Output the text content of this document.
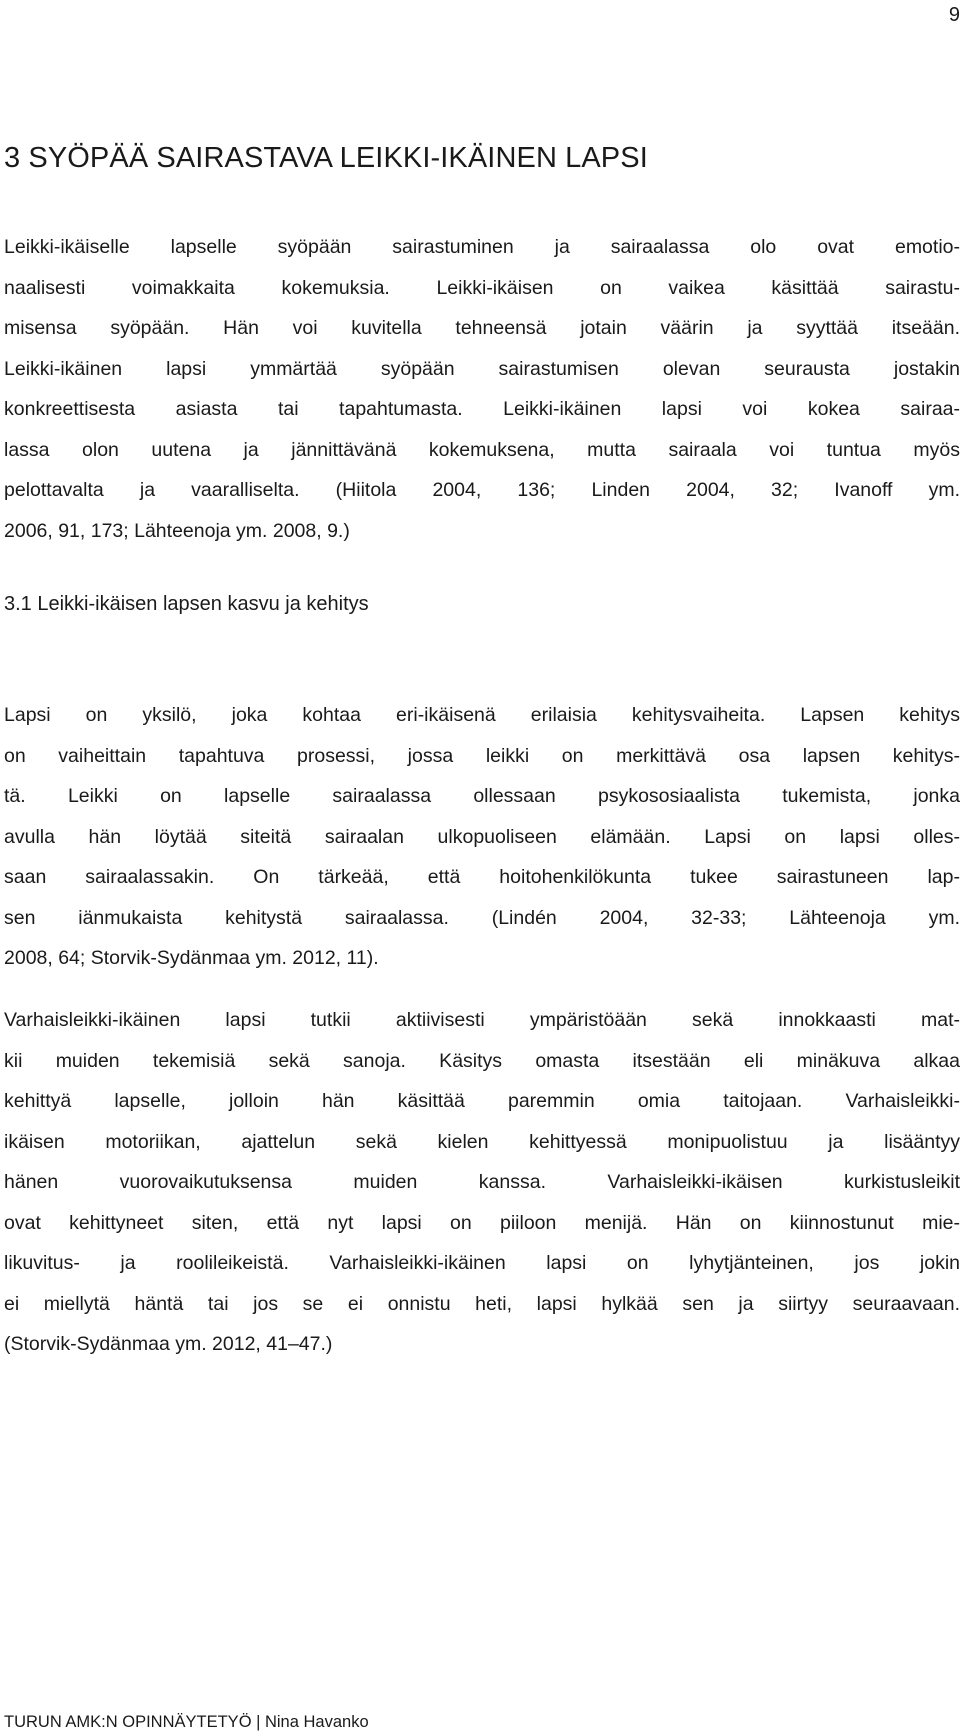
9
3 SYÖPÄÄ SAIRASTAVA LEIKKI-IKÄINEN LAPSI

Leikki-ikäiselle lapselle syöpään sairastuminen ja sairaalassa olo ovat emotio-
naalisesti voimakkaita kokemuksia. Leikki-ikäisen on vaikea käsittää sairastu-
misensa syöpään. Hän voi kuvitella tehneensä jotain väärin ja syyttää itseään.
Leikki-ikäinen lapsi ymmärtää syöpään sairastumisen olevan seurausta jostakin
konkreettisesta asiasta tai tapahtumasta. Leikki-ikäinen lapsi voi kokea sairaa-
lassa olon uutena ja jännittävänä kokemuksena, mutta sairaala voi tuntua myös
pelottavalta ja vaaralliselta. (Hiitola 2004, 136; Linden 2004, 32; Ivanoff ym.
2006, 91, 173; Lähteenoja ym. 2008, 9.)

3.1 Leikki-ikäisen lapsen kasvu ja kehitys

Lapsi on yksilö, joka kohtaa eri-ikäisenä erilaisia kehitysvaiheita. Lapsen kehitys
on vaiheittain tapahtuva prosessi, jossa leikki on merkittävä osa lapsen kehitys-
tä. Leikki on lapselle sairaalassa ollessaan psykososiaalista tukemista, jonka
avulla hän löytää siteitä sairaalan ulkopuoliseen elämään. Lapsi on lapsi olles-
saan sairaalassakin. On tärkeää, että hoitohenkilökunta tukee sairastuneen lap-
sen iänmukaista kehitystä sairaalassa. (Lindén 2004, 32-33; Lähteenoja ym.
2008, 64; Storvik-Sydänmaa ym. 2012, 11).

Varhaisleikki-ikäinen lapsi tutkii aktiivisesti ympäristöään sekä innokkaasti mat-
kii muiden tekemisiä sekä sanoja. Käsitys omasta itsestään eli minäkuva alkaa
kehittyä lapselle, jolloin hän käsittää paremmin omia taitojaan. Varhaisleikki-
ikäisen motoriikan, ajattelun sekä kielen kehittyessä monipuolistuu ja lisääntyy
hänen vuorovaikutuksensa muiden kanssa. Varhaisleikki-ikäisen kurkistusleikit
ovat kehittyneet siten, että nyt lapsi on piiloon menijä. Hän on kiinnostunut mie-
likuvitus- ja roolileikeistä. Varhaisleikki-ikäinen lapsi on lyhytjänteinen, jos jokin
ei miellytä häntä tai jos se ei onnistu heti, lapsi hylkää sen ja siirtyy seuraavaan.
(Storvik-Sydänmaa ym. 2012, 41–47.)

TURUN AMK:N OPINNÄYTETYÖ | Nina Havanko
